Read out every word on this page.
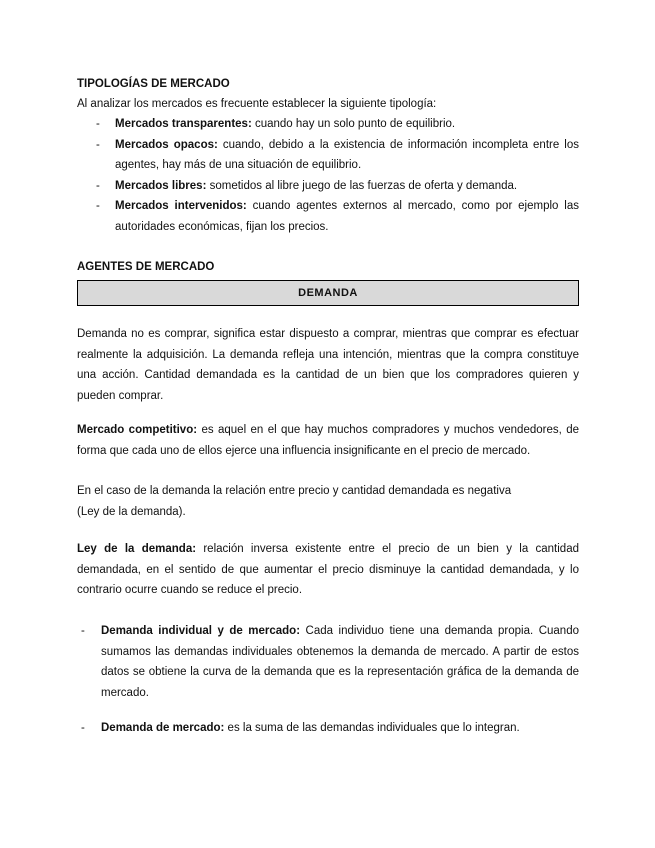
TIPOLOGÍAS DE MERCADO
Al analizar los mercados es frecuente establecer la siguiente tipología:
- Mercados transparentes: cuando hay un solo punto de equilibrio.
- Mercados opacos: cuando, debido a la existencia de información incompleta entre los agentes, hay más de una situación de equilibrio.
- Mercados libres: sometidos al libre juego de las fuerzas de oferta y demanda.
- Mercados intervenidos: cuando agentes externos al mercado, como por ejemplo las autoridades económicas, fijan los precios.
AGENTES DE MERCADO
DEMANDA
Demanda no es comprar, significa estar dispuesto a comprar, mientras que comprar es efectuar realmente la adquisición. La demanda refleja una intención, mientras que la compra constituye una acción. Cantidad demandada es la cantidad de un bien que los compradores quieren y pueden comprar.
Mercado competitivo: es aquel en el que hay muchos compradores y muchos vendedores, de forma que cada uno de ellos ejerce una influencia insignificante en el precio de mercado.
En el caso de la demanda la relación entre precio y cantidad demandada es negativa
(Ley de la demanda).
Ley de la demanda: relación inversa existente entre el precio de un bien y la cantidad demandada, en el sentido de que aumentar el precio disminuye la cantidad demandada, y lo contrario ocurre cuando se reduce el precio.
- Demanda individual y de mercado: Cada individuo tiene una demanda propia. Cuando sumamos las demandas individuales obtenemos la demanda de mercado. A partir de estos datos se obtiene la curva de la demanda que es la representación gráfica de la demanda de mercado.
- Demanda de mercado: es la suma de las demandas individuales que lo integran.
